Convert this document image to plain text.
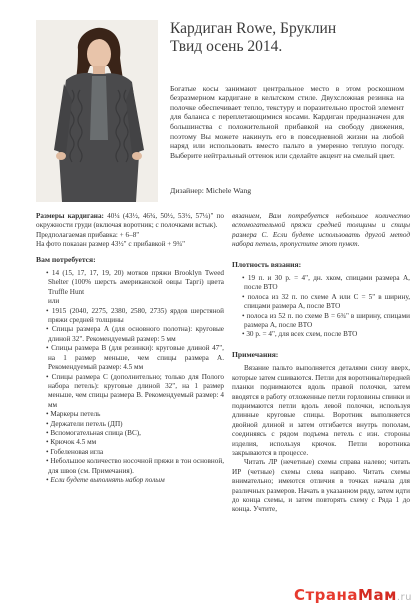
Кардиган Rowe, Бруклин
Твид осень 2014.

Богатые косы занимают центральное место в этом роскошном безразмерном кардигане в кельтском стиле. Двухсложная резинка на полочке обеспечивает тепло, текстуру и поразительно простой элемент для баланса с переплетающимися косами. Кардиган предназначен для большинства с положительной прибавкой на свободу движения, поэтому Вы можете накинуть его в повседневной жизни на любой наряд или использовать вместо пальто в умеренно теплую погоду. Выберите нейтральный оттенок или сделайте акцент на смелый цвет.

Дизайнер: Michele Wang

Размеры кардигана: 40¼ (43½, 46¾, 50½, 53½, 57¼)" по окружности груди (включая воротник; с полочками встык).

Предполагаемая прибавка: + 6–8"

На фото показан размер 43½" с прибавкой + 9¾"

Вам потребуется:

• 14 (15, 17, 17, 19, 20) мотков пряжи Brooklyn Tweed Shelter (100% шерсть американской овцы Таргі) цвета Truffle Hunt

или

• 1915 (2040, 2275, 2380, 2580, 2735) ярдов шерстяной пряжи средней толщины

• Спицы размера A (для основного полотна): круговые длиной 32". Рекомендуемый размер: 5 мм

• Спицы размера B (для резинки): круговые длиной 47", на 1 размер меньше, чем спицы размера A. Рекомендуемый размер: 4.5 мм

• Спицы размера C (дополнительно; только для Полого набора петель): круговые длиной 32", на 1 размер меньше, чем спицы размера B. Рекомендуемый размер: 4 мм

• Маркеры петель

• Держатели петель (ДП)

• Вспомогательная спица (ВС),

• Крючок 4.5 мм

• Гобеленовая игла

• Небольшое количество носочной пряжи в тон основной, для швов (см. Примечания).

• Если будете выполнять набор полым

вязанием, Вам потребуется небольшое количество вспомогательной пряжи средней толщины и спицы размера С. Если будете использовать другой метод набора петель, пропустите этот пункт.

Плотность вязания:

• 19 п. и 30 р. = 4", дн. хком, спицами размера A, после ВТО

• полоса из 32 п. по схеме A или C = 5" в ширину, спицами размера A, после ВТО

• полоса из 52 п. по схеме B = 6¾" в ширину, спицами размера A, после ВТО

• 30 р. = 4", для всех схем, после ВТО

Примечания:

Вязание пальто выполняется деталями снизу вверх, которые затем сшиваются. Петли для воротника/передней планки поднимаются вдоль правой полочки, затем вводятся в работу отложенные петли горловины спинки и поднимаются петли вдоль левой полочки, используя длинные круговые спицы. Воротник выполняется двойной длиной и затем отгибается внутрь пополам, соединяясь с рядом подъема петель с изн. стороны изделия, используя крючок. Петли воротника закрываются в процессе.

Читать ЛР (нечетные) схемы справа налево; читать ИР (четные) схемы слева направо. Читать схемы внимательно; имеются отличия в точках начала для различных размеров. Начать в указанном ряду, затем идти до конца схемы, и затем повторять схему с Ряда 1 до конца. Учтите,

СтранаМам.ru
